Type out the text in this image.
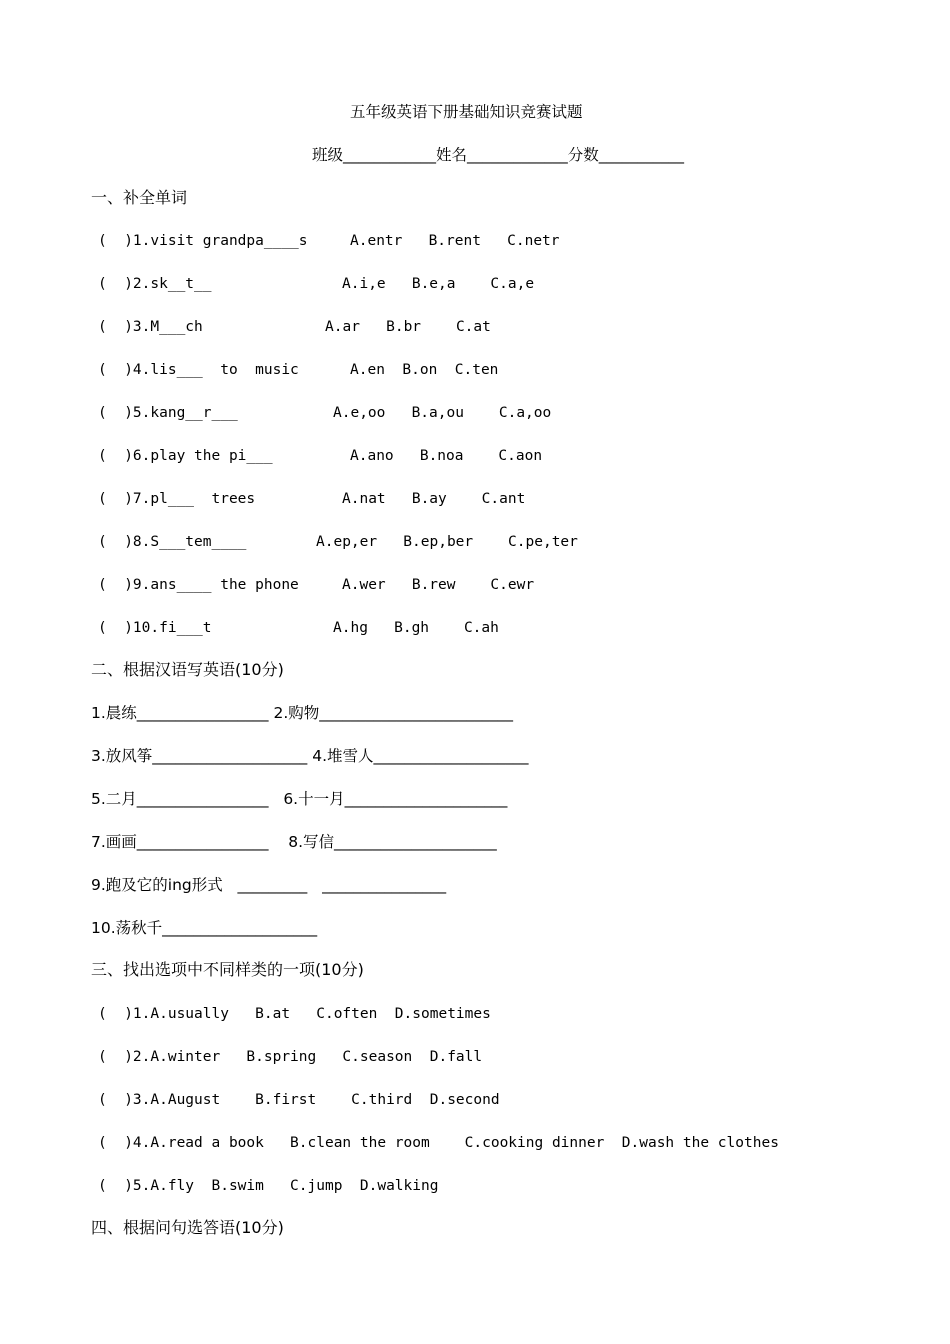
五年级英语下册基础知识竞赛试题
班级____________姓名_____________分数___________
一、补全单词
(  )1.visit grandpa____s	A.entr   B.rent   C.netr
(  )2.sk__t__	A.i,e   B.e,a    C.a,e
(  )3.M___ch	A.ar   B.br    C.at
(  )4.lis___  to  music	A.en  B.on  C.ten
(  )5.kang__r___	A.e,oo   B.a,ou    C.a,oo
(  )6.play the pi___	A.ano   B.noa    C.aon
(  )7.pl___  trees	A.nat   B.ay    C.ant
(  )8.S___tem____	A.ep,er   B.ep,ber    C.pe,ter
(  )9.ans____ the phone	A.wer   B.rew    C.ewr
(  )10.fi___t	A.hg   B.gh    C.ah
二、根据汉语写英语(10分)
1.晨练_________________ 2.购物_________________________
3.放风筝____________________ 4.堆雪人____________________
5.二月_________________   6.十一月_____________________
7.画画_________________    8.写信_____________________
9.跑及它的ing形式   _________   ________________
10.荡秋千____________________
三、找出选项中不同样类的一项(10分)
(  )1.A.usually   B.at   C.often  D.sometimes
(  )2.A.winter   B.spring   C.season  D.fall
(  )3.A.August    B.first    C.third  D.second
(  )4.A.read a book   B.clean the room    C.cooking dinner  D.wash the clothes
(  )5.A.fly  B.swim   C.jump  D.walking
四、根据问句选答语(10分)
